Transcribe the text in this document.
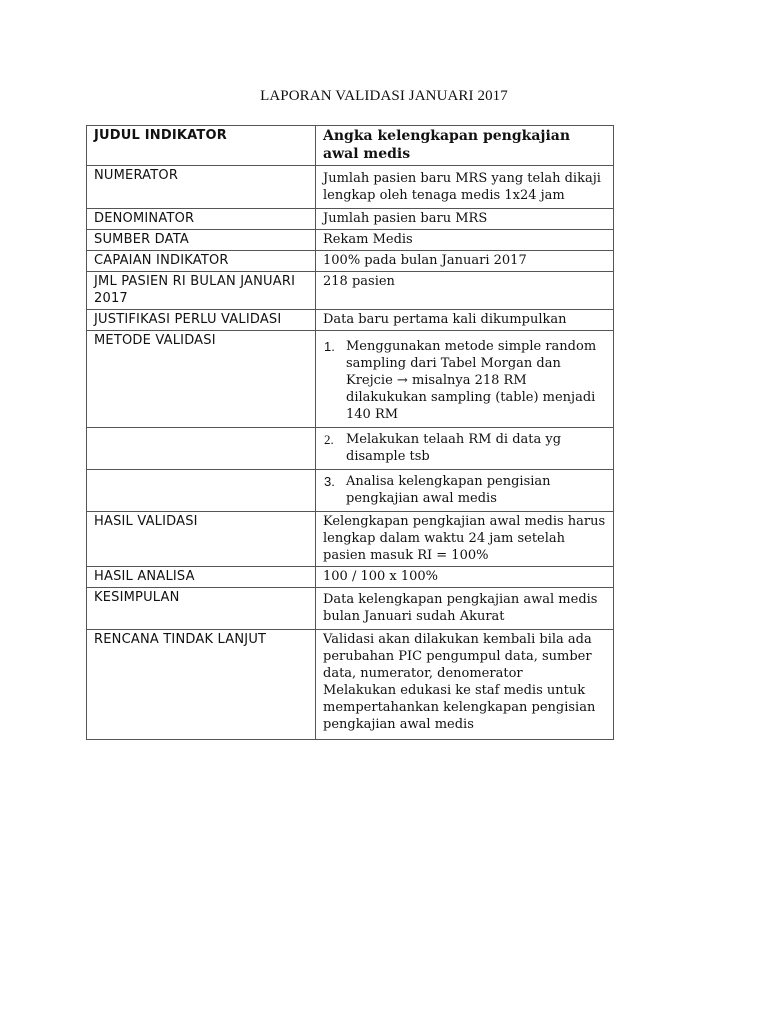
LAPORAN VALIDASI JANUARI 2017
JUDUL INDIKATOR	Angka kelengkapan pengkajian awal medis
NUMERATOR	Jumlah pasien baru MRS yang telah dikaji lengkap oleh tenaga medis 1x24 jam
DENOMINATOR	Jumlah pasien baru MRS
SUMBER DATA	Rekam Medis
CAPAIAN INDIKATOR	100% pada bulan Januari 2017
JML PASIEN RI BULAN JANUARI 2017	218 pasien
JUSTIFIKASI PERLU VALIDASI	Data baru pertama kali dikumpulkan
METODE VALIDASI	1. Menggunakan metode simple random sampling dari Tabel Morgan dan Krejcie → misalnya 218 RM dilakukukan sampling (table) menjadi 140 RM

	2. Melakukan telaah RM di data yg disample tsb

	3. Analisa kelengkapan pengisian pengkajian awal medis

HASIL VALIDASI	Kelengkapan pengkajian awal medis harus lengkap dalam waktu 24 jam setelah pasien masuk RI = 100%
HASIL ANALISA	100 / 100 x 100%
KESIMPULAN	Data kelengkapan pengkajian awal medis bulan Januari sudah Akurat
RENCANA TINDAK LANJUT	Validasi akan dilakukan kembali bila ada perubahan PIC pengumpul data, sumber data, numerator, denomerator
Melakukan edukasi ke staf medis untuk mempertahankan kelengkapan pengisian pengkajian awal medis
